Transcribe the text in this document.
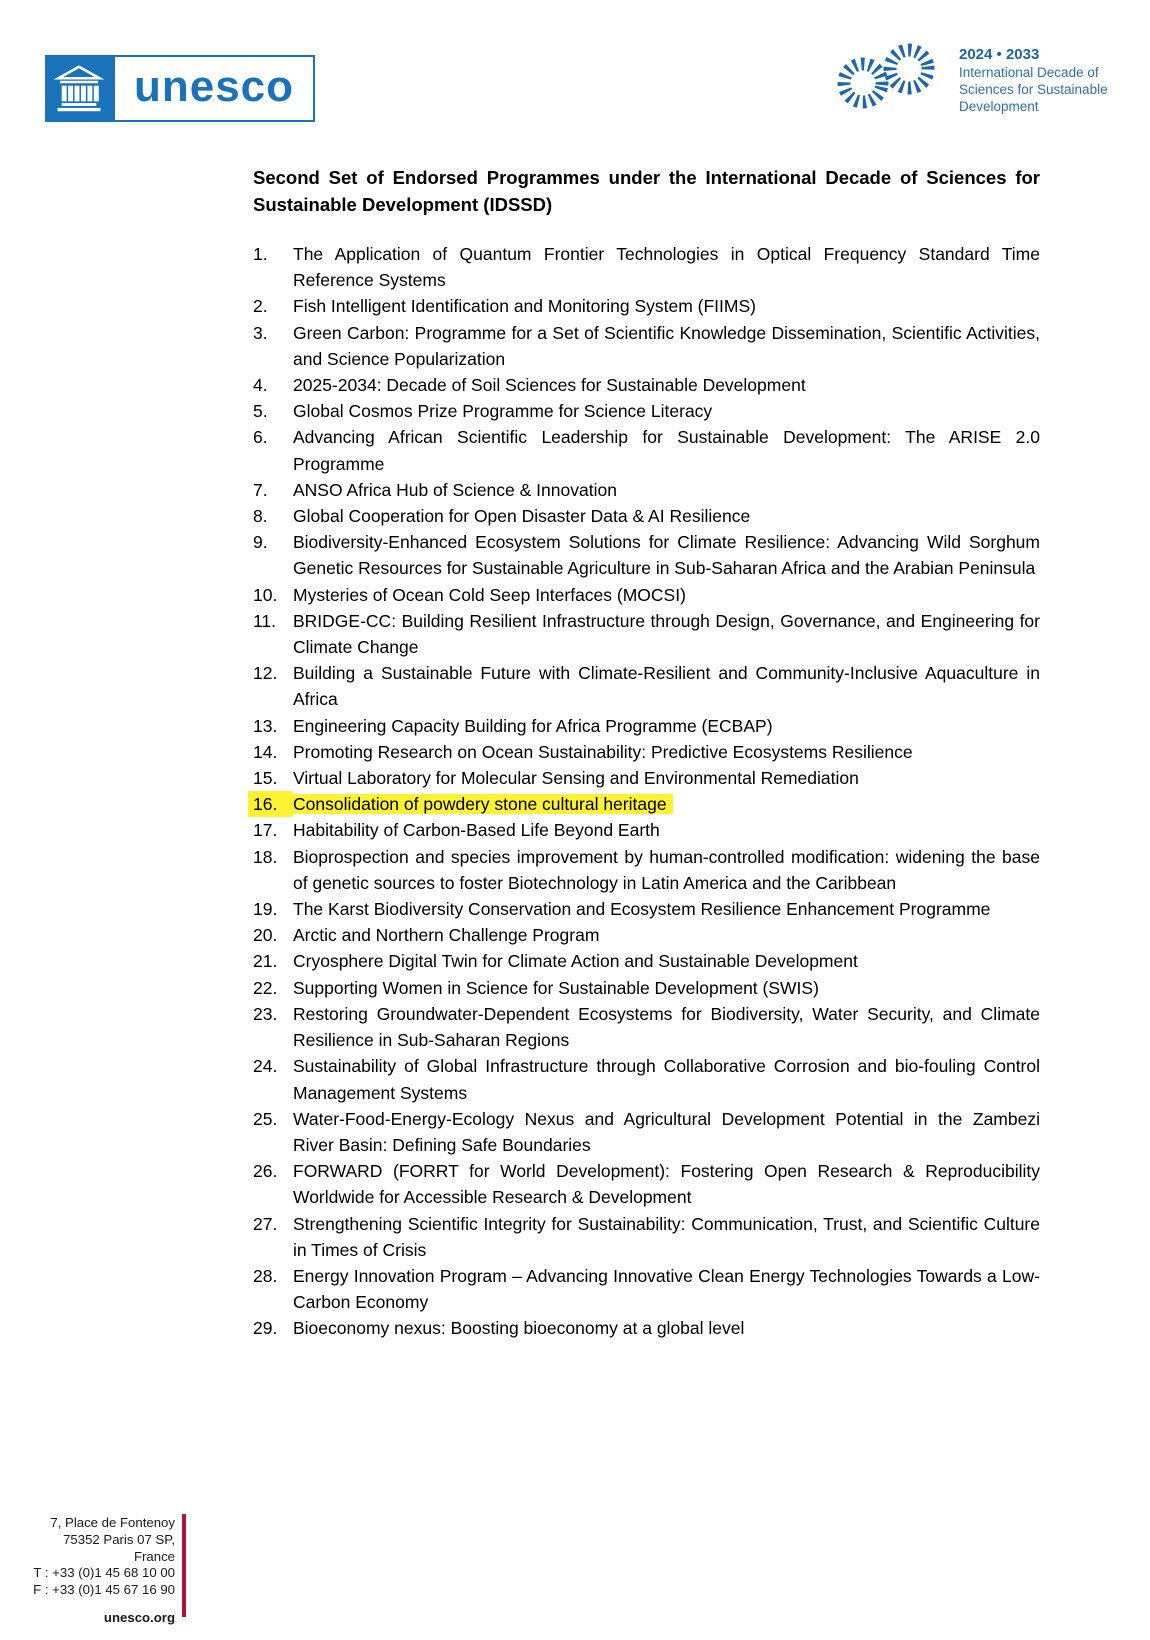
unesco
2024 • 2033
International Decade of
Sciences for Sustainable
Development
Second Set of Endorsed Programmes under the International Decade of Sciences for Sustainable Development (IDSSD)
1.	The Application of Quantum Frontier Technologies in Optical Frequency Standard Time Reference Systems
2.	Fish Intelligent Identification and Monitoring System (FIIMS)
3.	Green Carbon: Programme for a Set of Scientific Knowledge Dissemination, Scientific Activities, and Science Popularization
4.	2025-2034: Decade of Soil Sciences for Sustainable Development
5.	Global Cosmos Prize Programme for Science Literacy
6.	Advancing African Scientific Leadership for Sustainable Development: The ARISE 2.0 Programme
7.	ANSO Africa Hub of Science & Innovation
8.	Global Cooperation for Open Disaster Data & AI Resilience
9.	Biodiversity-Enhanced Ecosystem Solutions for Climate Resilience: Advancing Wild Sorghum Genetic Resources for Sustainable Agriculture in Sub-Saharan Africa and the Arabian Peninsula
10. Mysteries of Ocean Cold Seep Interfaces (MOCSI)
11. BRIDGE-CC: Building Resilient Infrastructure through Design, Governance, and Engineering for Climate Change
12. Building a Sustainable Future with Climate-Resilient and Community-Inclusive Aquaculture in Africa
13. Engineering Capacity Building for Africa Programme (ECBAP)
14. Promoting Research on Ocean Sustainability: Predictive Ecosystems Resilience
15. Virtual Laboratory for Molecular Sensing and Environmental Remediation
16. Consolidation of powdery stone cultural heritage
17. Habitability of Carbon-Based Life Beyond Earth
18. Bioprospection and species improvement by human-controlled modification: widening the base of genetic sources to foster Biotechnology in Latin America and the Caribbean
19. The Karst Biodiversity Conservation and Ecosystem Resilience Enhancement Programme
20. Arctic and Northern Challenge Program
21. Cryosphere Digital Twin for Climate Action and Sustainable Development
22. Supporting Women in Science for Sustainable Development (SWIS)
23. Restoring Groundwater-Dependent Ecosystems for Biodiversity, Water Security, and Climate Resilience in Sub-Saharan Regions
24. Sustainability of Global Infrastructure through Collaborative Corrosion and bio-fouling Control Management Systems
25. Water-Food-Energy-Ecology Nexus and Agricultural Development Potential in the Zambezi River Basin: Defining Safe Boundaries
26. FORWARD (FORRT for World Development): Fostering Open Research & Reproducibility Worldwide for Accessible Research & Development
27. Strengthening Scientific Integrity for Sustainability: Communication, Trust, and Scientific Culture in Times of Crisis
28. Energy Innovation Program – Advancing Innovative Clean Energy Technologies Towards a Low-Carbon Economy
29. Bioeconomy nexus: Boosting bioeconomy at a global level
7, Place de Fontenoy
75352 Paris 07 SP, France
T : +33 (0)1 45 68 10 00
F : +33 (0)1 45 67 16 90
unesco.org
